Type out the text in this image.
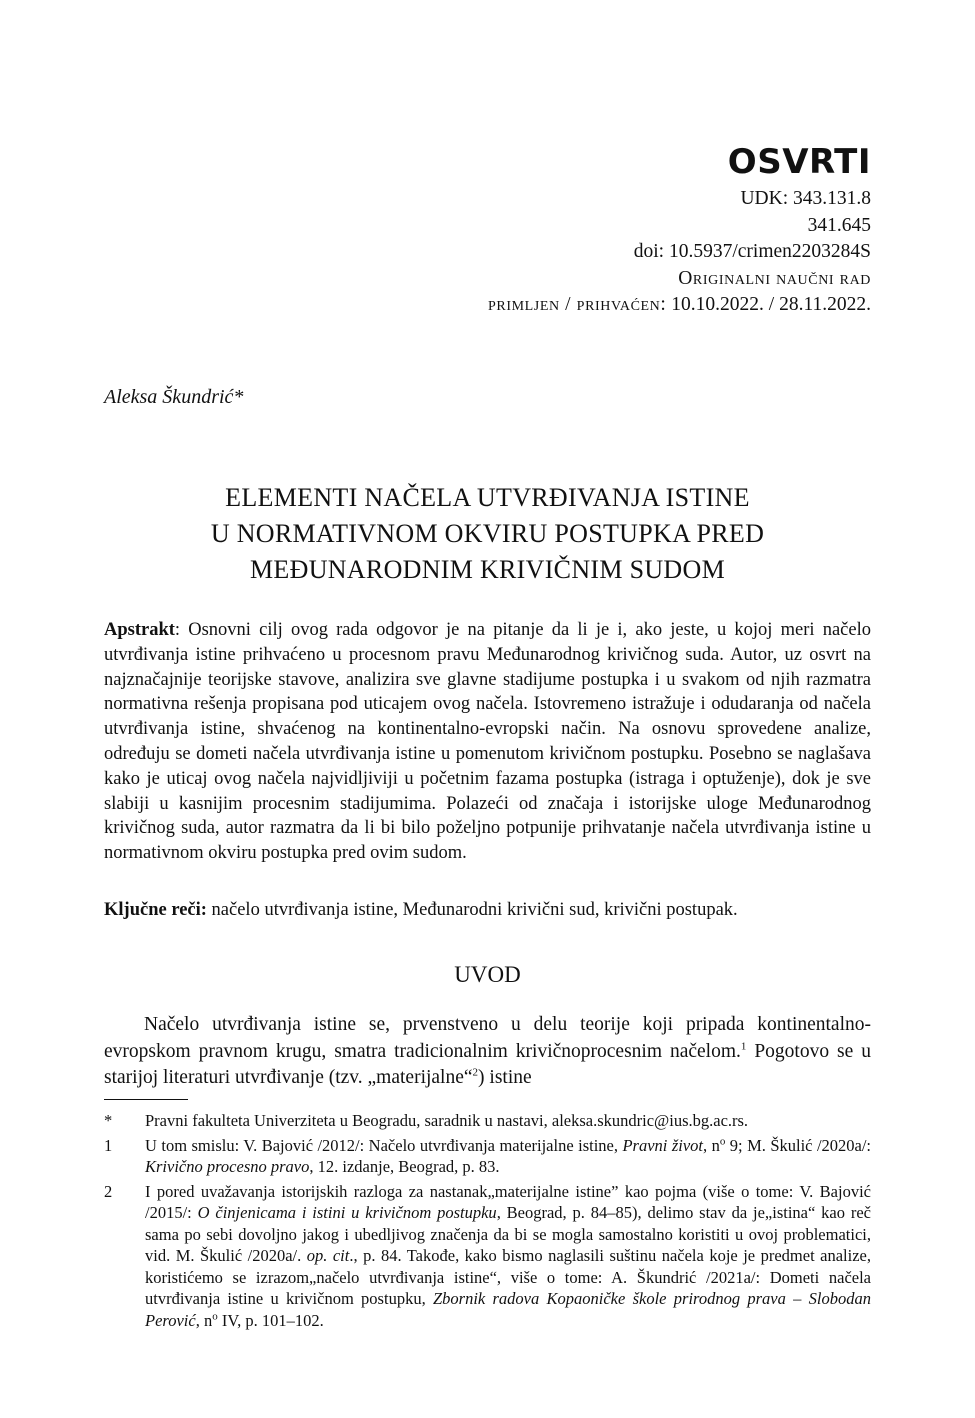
OSVRTI
UDK: 343.131.8
341.645
doi: 10.5937/crimen2203284S
Originalni naučni rad
primljen / prihvaćen: 10.10.2022. / 28.11.2022.
Aleksa Škundrić*
ELEMENTI NAČELA UTVRĐIVANJA ISTINE
U NORMATIVNOM OKVIRU POSTUPKA PRED
MEĐUNARODNIM KRIVIČNIM SUDOM
Apstrakt: Osnovni cilj ovog rada odgovor je na pitanje da li je i, ako jeste, u kojoj meri načelo utvrđivanja istine prihvaćeno u procesnom pravu Međunarodnog krivičnog suda. Autor, uz osvrt na najznačajnije teorijske stavove, analizira sve glavne stadijume postupka i u svakom od njih razmatra normativna rešenja propisana pod uticajem ovog načela. Istovremeno istražuje i odudaranja od načela utvrđivanja istine, shvaćenog na kontinentalno-evropski način. Na osnovu sprovedene analize, određuju se dometi načela utvrđivanja istine u pomenutom krivičnom postupku. Posebno se naglašava kako je uticaj ovog načela najvidljiviji u početnim fazama postupka (istraga i optuženje), dok je sve slabiji u kasnijim procesnim stadijumima. Polazeći od značaja i istorijske uloge Međunarodnog krivičnog suda, autor razmatra da li bi bilo poželjno potpunije prihvatanje načela utvrđivanja istine u normativnom okviru postupka pred ovim sudom.
Ključne reči: načelo utvrđivanja istine, Međunarodni krivični sud, krivični postupak.
UVOD
Načelo utvrđivanja istine se, prvenstveno u delu teorije koji pripada kontinentalno-evropskom pravnom krugu, smatra tradicionalnim krivičnoprocesnim načelom.$^1$ Pogotovo se u starijoj literaturi utvrđivanje (tzv. „materijalne“$^2$) istine
*	Pravni fakulteta Univerziteta u Beogradu, saradnik u nastavi, aleksa.skundric@ius.bg.ac.rs.
1	U tom smislu: V. Bajović /2012/: Načelo utvrđivanja materijalne istine, Pravni život, $n^o$ 9; M. Škulić /2020a/: Krivično procesno pravo, 12. izdanje, Beograd, p. 83.
2	I pored uvažavanja istorijskih razloga za nastanak„materijalne istine” kao pojma (više o tome: V. Bajović /2015/: O činjenicama i istini u krivičnom postupku, Beograd, p. 84–85), delimo stav da je„istina“ kao reč sama po sebi dovoljno jakog i ubedljivog značenja da bi se mogla samostalno koristiti u ovoj problematici, vid. M. Škulić /2020a/. op. cit., p. 84. Takođe, kako bismo naglasili suštinu načela koje je predmet analize, koristićemo se izrazom„načelo utvrđivanja istine“, više o tome: A. Škundrić /2021a/: Dometi načela utvrđivanja istine u krivičnom postupku, Zbornik radova Kopaoničke škole prirodnog prava – Slobodan Perović, $n^o$ IV, p. 101–102.
